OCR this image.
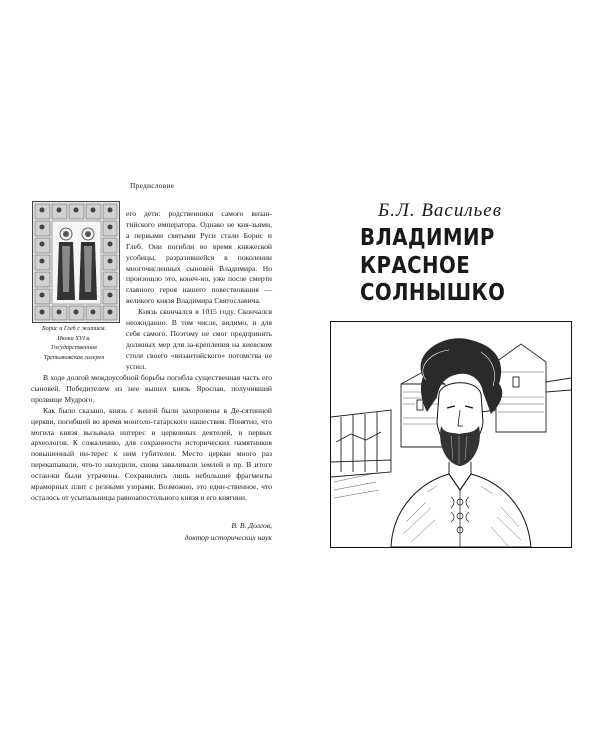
Предисловие
Борис и Глеб с житием.
Икона XVI в.
Государственная
Третьяковская галерея

его дети: родственники самого визан-тийского императора. Однако не кня-зьями, а первыми святыми Руси стали Борис и Глеб. Они погибли во время княжеской усобицы, разразившейся в поколении многочисленных сыновей Владимира. Но произошло это, конеч-но, уже после смерти главного героя нашего повествования — великого князя Владимира Святославича.

Князь скончался в 1015 году. Скончался неожиданно. В том числе, видимо, и для себя самого. Поэтому не смог предпринять должных мер для за-крепления на киевском столе своего «византийского» потомства не успел.

В ходе долгой междоусобной борьбы погибла существенная часть его сыновей. Победителем из нее вышел князь Ярослав, получивший прозвище Мудрого.

Как было сказано, князь с женой были захоронены в Де-сятинной церкви, погибшей во время монголо-татарского нашествия. Понятно, что могила князя вызывала интерес и церковных деятелей, и первых археологов. К сожалению, для сохранности исторических памятников повышенный ин-терес к ним губителен. Место церкви много раз перекапывали, что-то находили, снова заваливали землей и пр. В итоге остан-ки были утрачены. Сохранились лишь небольшие фрагменты мраморных плит с резными узорами. Возможно, это един-ственное, что осталось от усыпальницы равноапостольного князя и его княгини.

В. В. Долгов,
доктор исторических наук
Б.Л. Васильев
ВЛАДИМИР
КРАСНОЕ
СОЛНЫШКО
